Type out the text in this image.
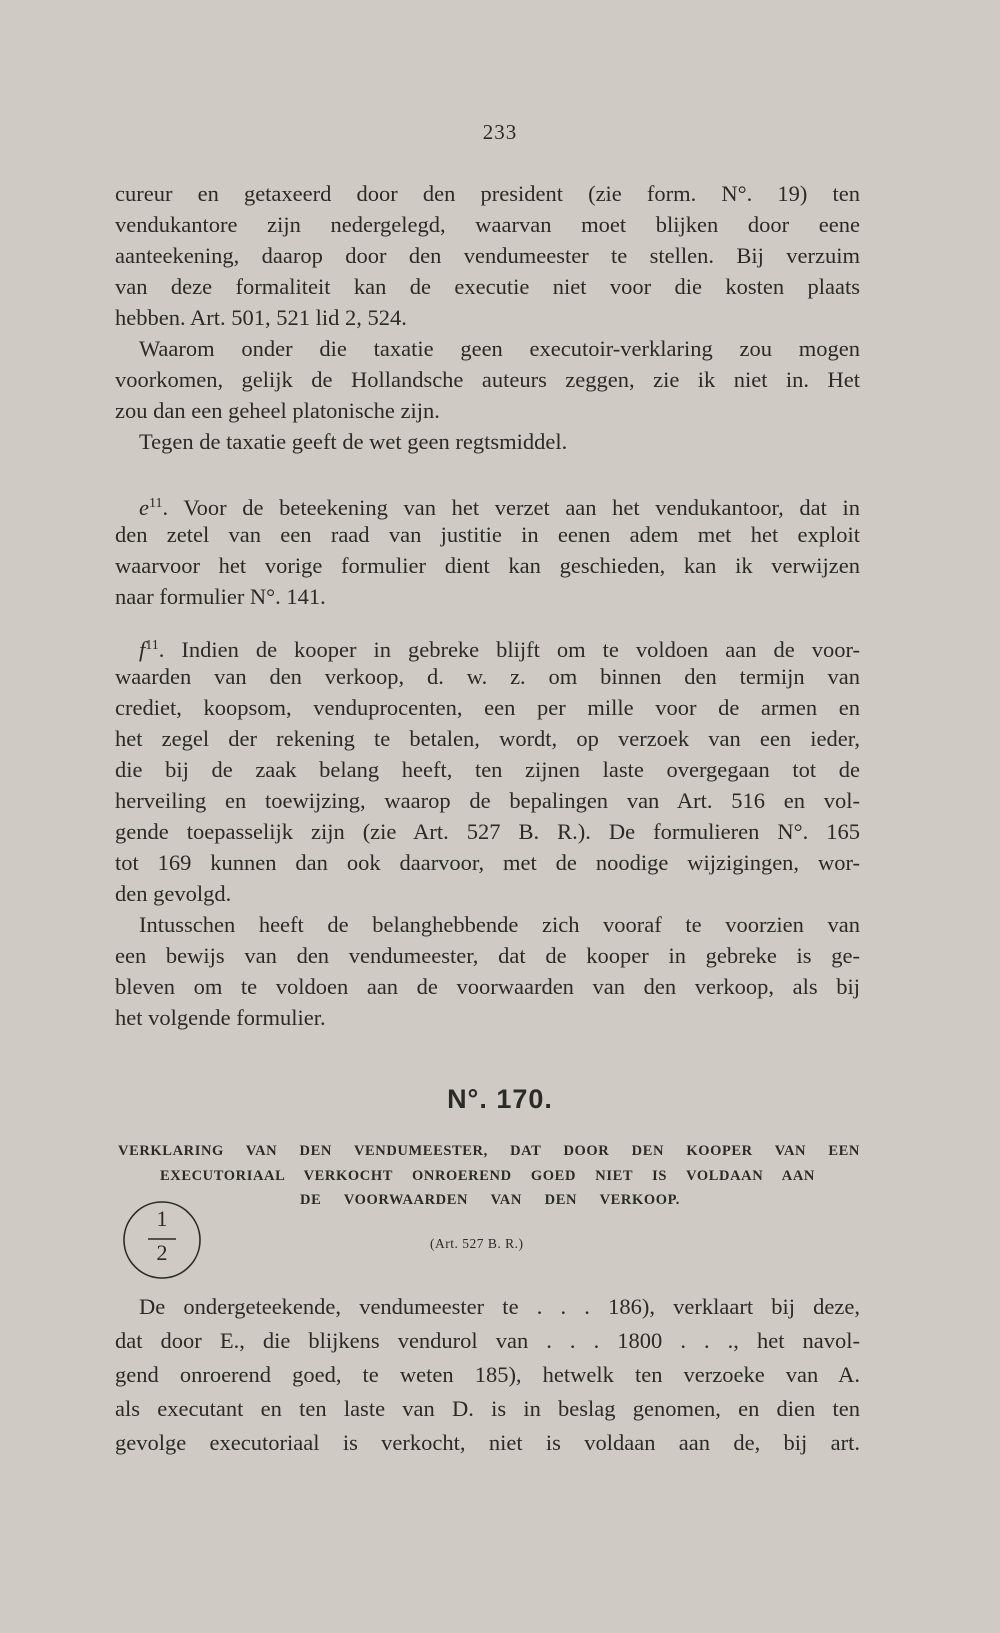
233
cureur en getaxeerd door den president (zie form. N°. 19) ten
vendukantore zijn nedergelegd, waarvan moet blijken door eene
aanteekening, daarop door den vendumeester te stellen. Bij verzuim
van deze formaliteit kan de executie niet voor die kosten plaats
hebben. Art. 501, 521 lid 2, 524.
Waarom onder die taxatie geen executoir-verklaring zou mogen
voorkomen, gelijk de Hollandsche auteurs zeggen, zie ik niet in. Het
zou dan een geheel platonische zijn.
Tegen de taxatie geeft de wet geen regtsmiddel.
$e^{11}$. Voor de beteekening van het verzet aan het vendukantoor, dat in
den zetel van een raad van justitie in eenen adem met het exploit
waarvoor het vorige formulier dient kan geschieden, kan ik verwijzen
naar formulier N°. 141.
$f^{11}$. Indien de kooper in gebreke blijft om te voldoen aan de voor-
waarden van den verkoop, d. w. z. om binnen den termijn van
crediet, koopsom, venduprocenten, een per mille voor de armen en
het zegel der rekening te betalen, wordt, op verzoek van een ieder,
die bij de zaak belang heeft, ten zijnen laste overgegaan tot de
herveiling en toewijzing, waarop de bepalingen van Art. 516 en vol-
gende toepasselijk zijn (zie Art. 527 B. R.). De formulieren N°. 165
tot 169 kunnen dan ook daarvoor, met de noodige wijzigingen, wor-
den gevolgd.
Intusschen heeft de belanghebbende zich vooraf te voorzien van
een bewijs van den vendumeester, dat de kooper in gebreke is ge-
bleven om te voldoen aan de voorwaarden van den verkoop, als bij
het volgende formulier.
N°. 170.
VERKLARING VAN DEN VENDUMEESTER, DAT DOOR DEN KOOPER VAN EEN
EXECUTORIAAL VERKOCHT ONROEREND GOED NIET IS VOLDAAN AAN
DE VOORWAARDEN VAN DEN VERKOOP.
1
2	(Art. 527 B. R.)
De ondergeteekende, vendumeester te . . . 186), verklaart bij deze,
dat door E., die blijkens vendurol van . . . 1800 . . ., het navol-
gend onroerend goed, te weten 185), hetwelk ten verzoeke van A.
als executant en ten laste van D. is in beslag genomen, en dien ten
gevolge executoriaal is verkocht, niet is voldaan aan de, bij art.
